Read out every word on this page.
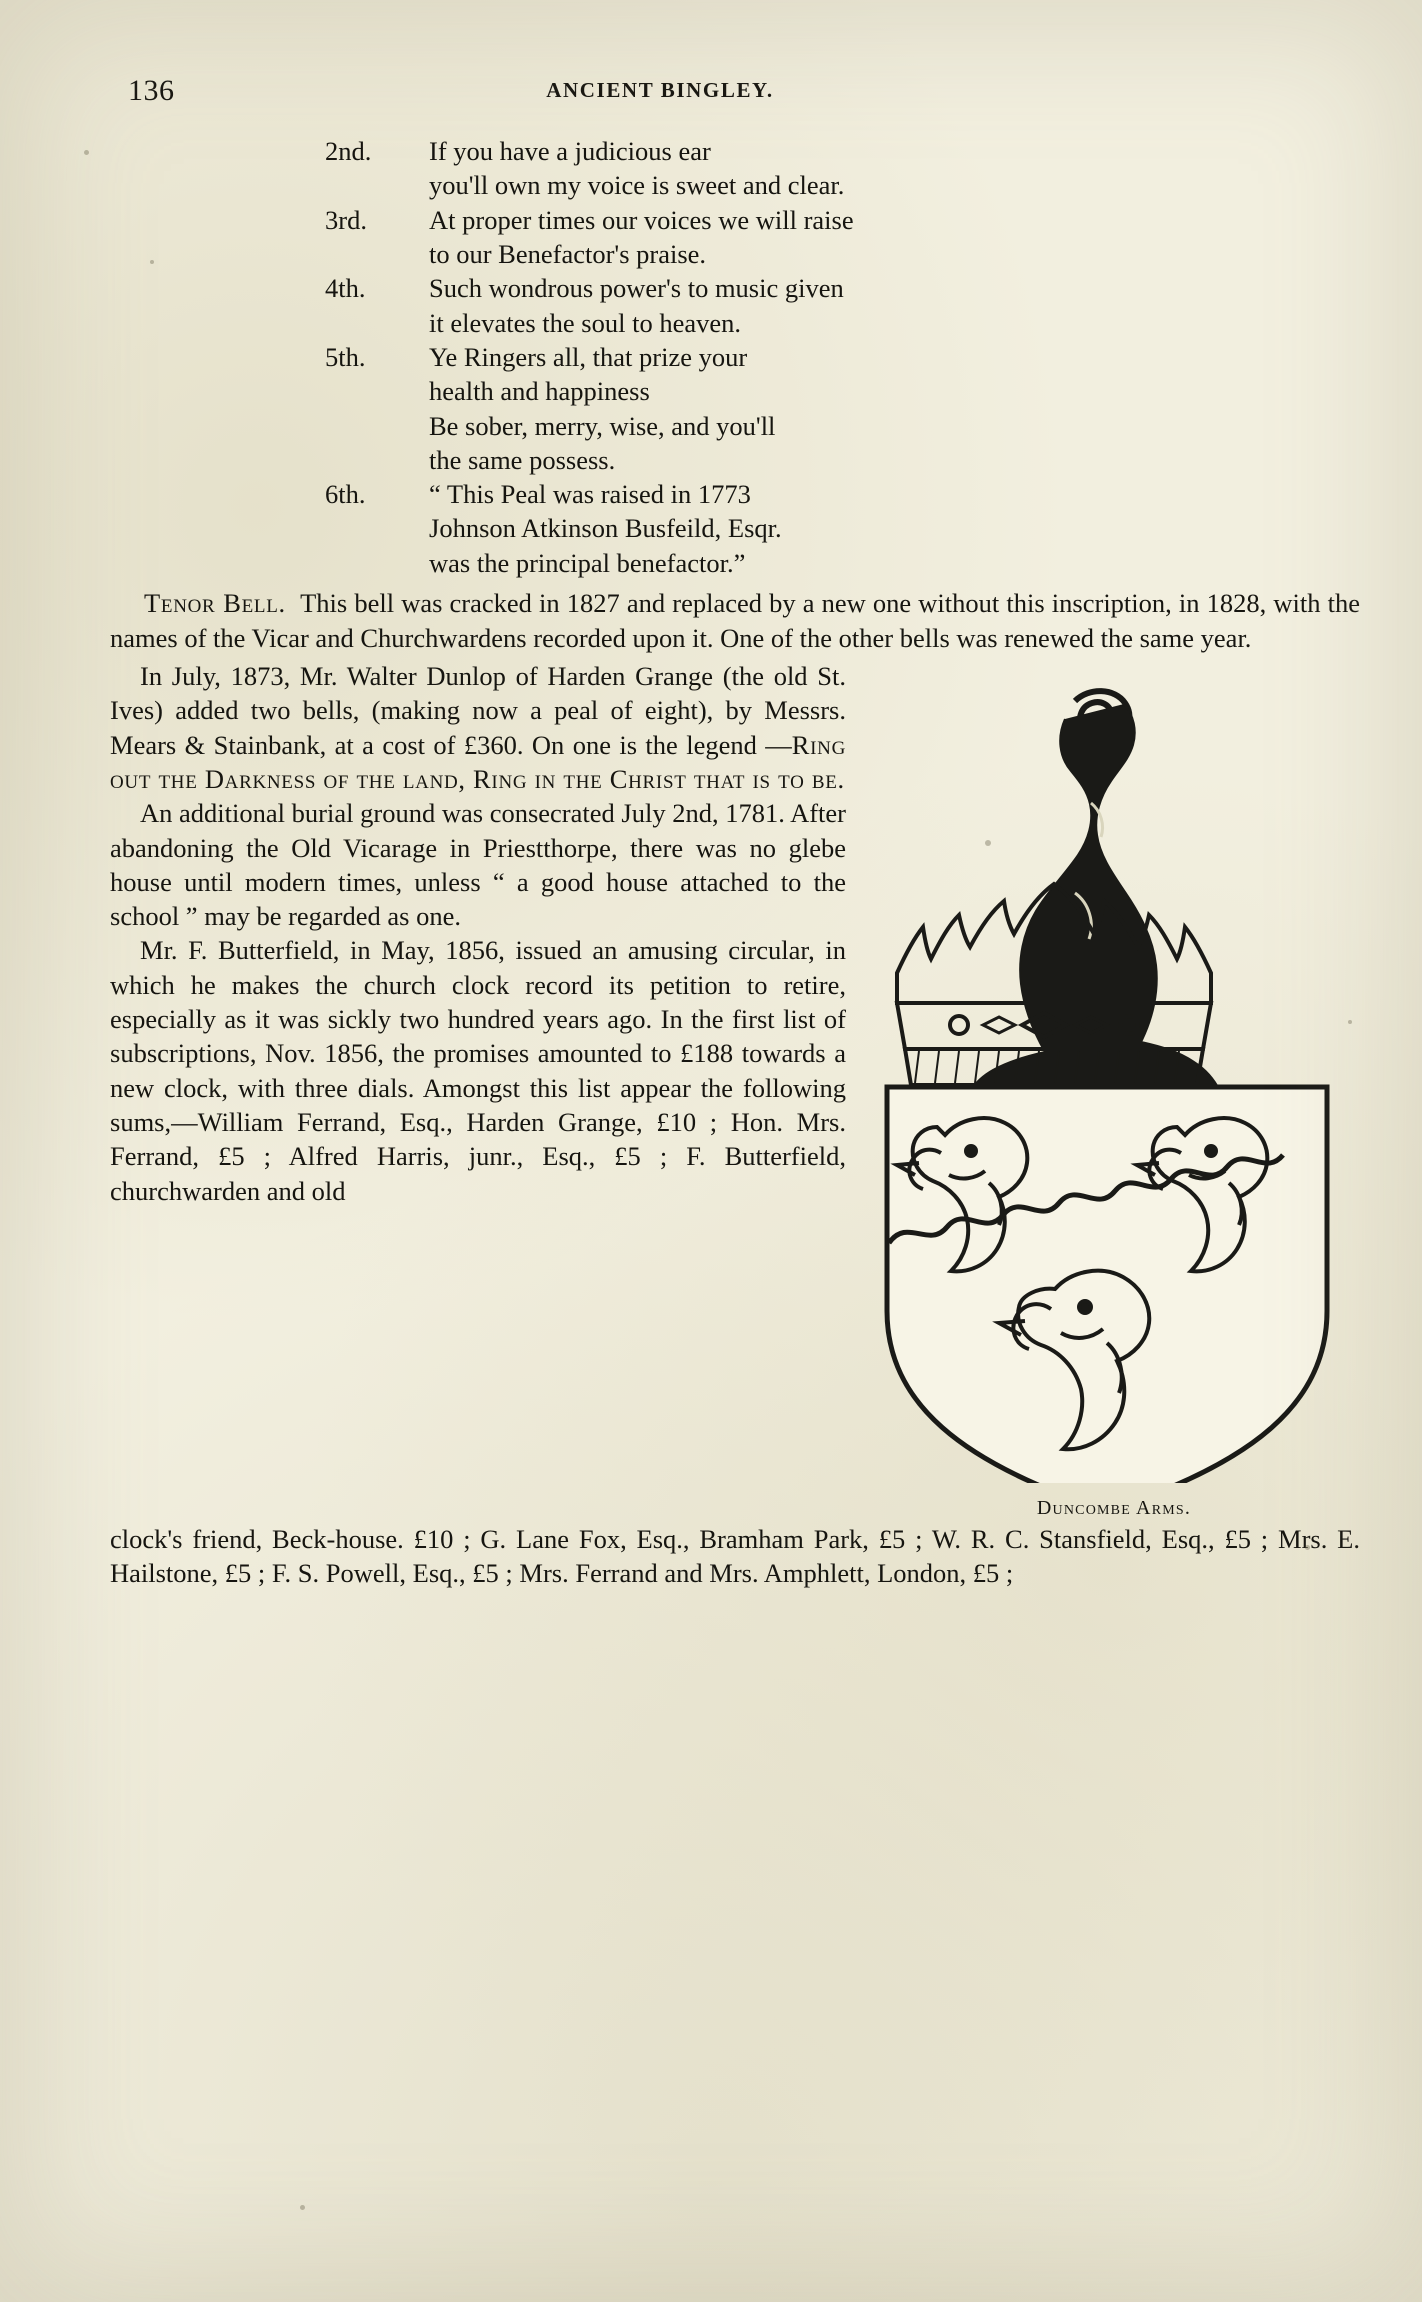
136	ANCIENT BINGLEY.
2nd.	If you have a judicious ear
you'll own my voice is sweet and clear.
3rd.	At proper times our voices we will raise
to our Benefactor's praise.
4th.	Such wondrous power's to music given
it elevates the soul to heaven.
5th.	Ye Ringers all, that prize your
health and happiness
Be sober, merry, wise, and you'll
the same possess.
6th.	“ This Peal was raised in 1773
Johnson Atkinson Busfeild, Esqr.
was the principal benefactor.”
Tenor Bell. This bell was cracked in 1827 and replaced by a new one without this inscription, in 1828, with the names of the Vicar and Churchwardens recorded upon it. One of the other bells was renewed the same year.
Duncombe Arms.

In July, 1873, Mr. Walter Dunlop of Harden Grange (the old St. Ives) added two bells, (making now a peal of eight), by Messrs. Mears & Stainbank, at a cost of £360. On one is the legend —Ring out the Darkness of the land, Ring in the Christ that is to be.

An additional burial ground was consecrated July 2nd, 1781. After abandoning the Old Vicarage in Priestthorpe, there was no glebe house until modern times, unless “ a good house attached to the school ” may be regarded as one.

Mr. F. Butterfield, in May, 1856, issued an amusing circular, in which he makes the church clock record its petition to retire, especially as it was sickly two hundred years ago. In the first list of subscriptions, Nov. 1856, the promises amounted to £188 towards a new clock, with three dials. Amongst this list appear the following sums,—William Ferrand, Esq., Harden Grange, £10 ; Hon. Mrs. Ferrand, £5 ; Alfred Harris, junr., Esq., £5 ; F. Butterfield, churchwarden and old

clock's friend, Beck-house. £10 ; G. Lane Fox, Esq., Bramham Park, £5 ; W. R. C. Stansfield, Esq., £5 ; Mrs. E. Hailstone, £5 ; F. S. Powell, Esq., £5 ; Mrs. Ferrand and Mrs. Amphlett, London, £5 ;
